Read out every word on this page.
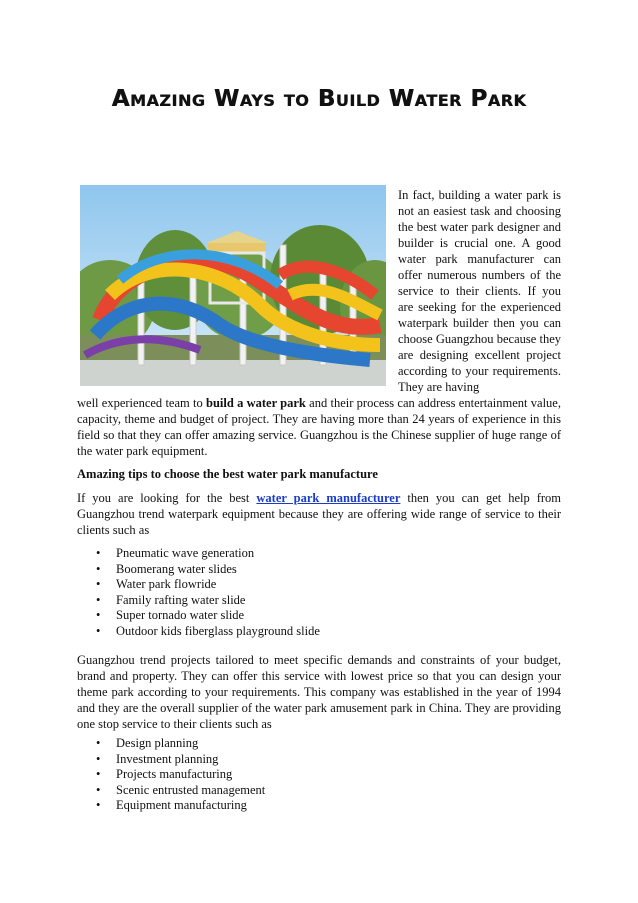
Amazing Ways to Build Water Park
In fact, building a water park is not an easiest task and choosing the best water park designer and builder is crucial one. A good water park manufacturer can offer numerous numbers of the service to their clients. If you are seeking for the experienced waterpark builder then you can choose Guangzhou because they are designing excellent project according to your requirements. They are having
well experienced team to build a water park and their process can address entertainment value, capacity, theme and budget of project. They are having more than 24 years of experience in this field so that they can offer amazing service. Guangzhou is the Chinese supplier of huge range of the water park equipment.
Amazing tips to choose the best water park manufacture
If you are looking for the best water park manufacturer then you can get help from Guangzhou trend waterpark equipment because they are offering wide range of service to their clients such as
• Pneumatic wave generation
• Boomerang water slides
• Water park flowride
• Family rafting water slide
• Super tornado water slide
• Outdoor kids fiberglass playground slide
Guangzhou trend projects tailored to meet specific demands and constraints of your budget, brand and property. They can offer this service with lowest price so that you can design your theme park according to your requirements. This company was established in the year of 1994 and they are the overall supplier of the water park amusement park in China. They are providing one stop service to their clients such as
• Design planning
• Investment planning
• Projects manufacturing
• Scenic entrusted management
• Equipment manufacturing
